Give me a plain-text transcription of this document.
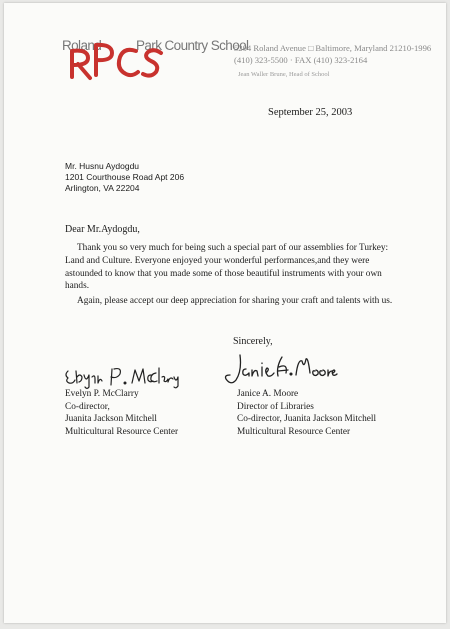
Roland	Park Country School
5204 Roland Avenue □ Baltimore, Maryland 21210-1996
(410) 323-5500 · FAX (410) 323-2164
Jean Waller Brune, Head of School
September 25, 2003
Mr. Husnu Aydogdu
1201 Courthouse Road Apt 206
Arlington, VA 22204
Dear Mr.Aydogdu,
Thank you so very much for being such a special part of our assemblies for Turkey:
Land and Culture. Everyone enjoyed your wonderful performances,and they were
astounded to know that you made some of those beautiful instruments with your own
hands.
Again, please accept our deep appreciation for sharing your craft and talents with us.
Sincerely,
Evelyn P. McClarry
Co-director,
Juanita Jackson Mitchell
Multicultural Resource Center
Janice A. Moore
Director of Libraries
Co-director, Juanita Jackson Mitchell
Multicultural Resource Center
